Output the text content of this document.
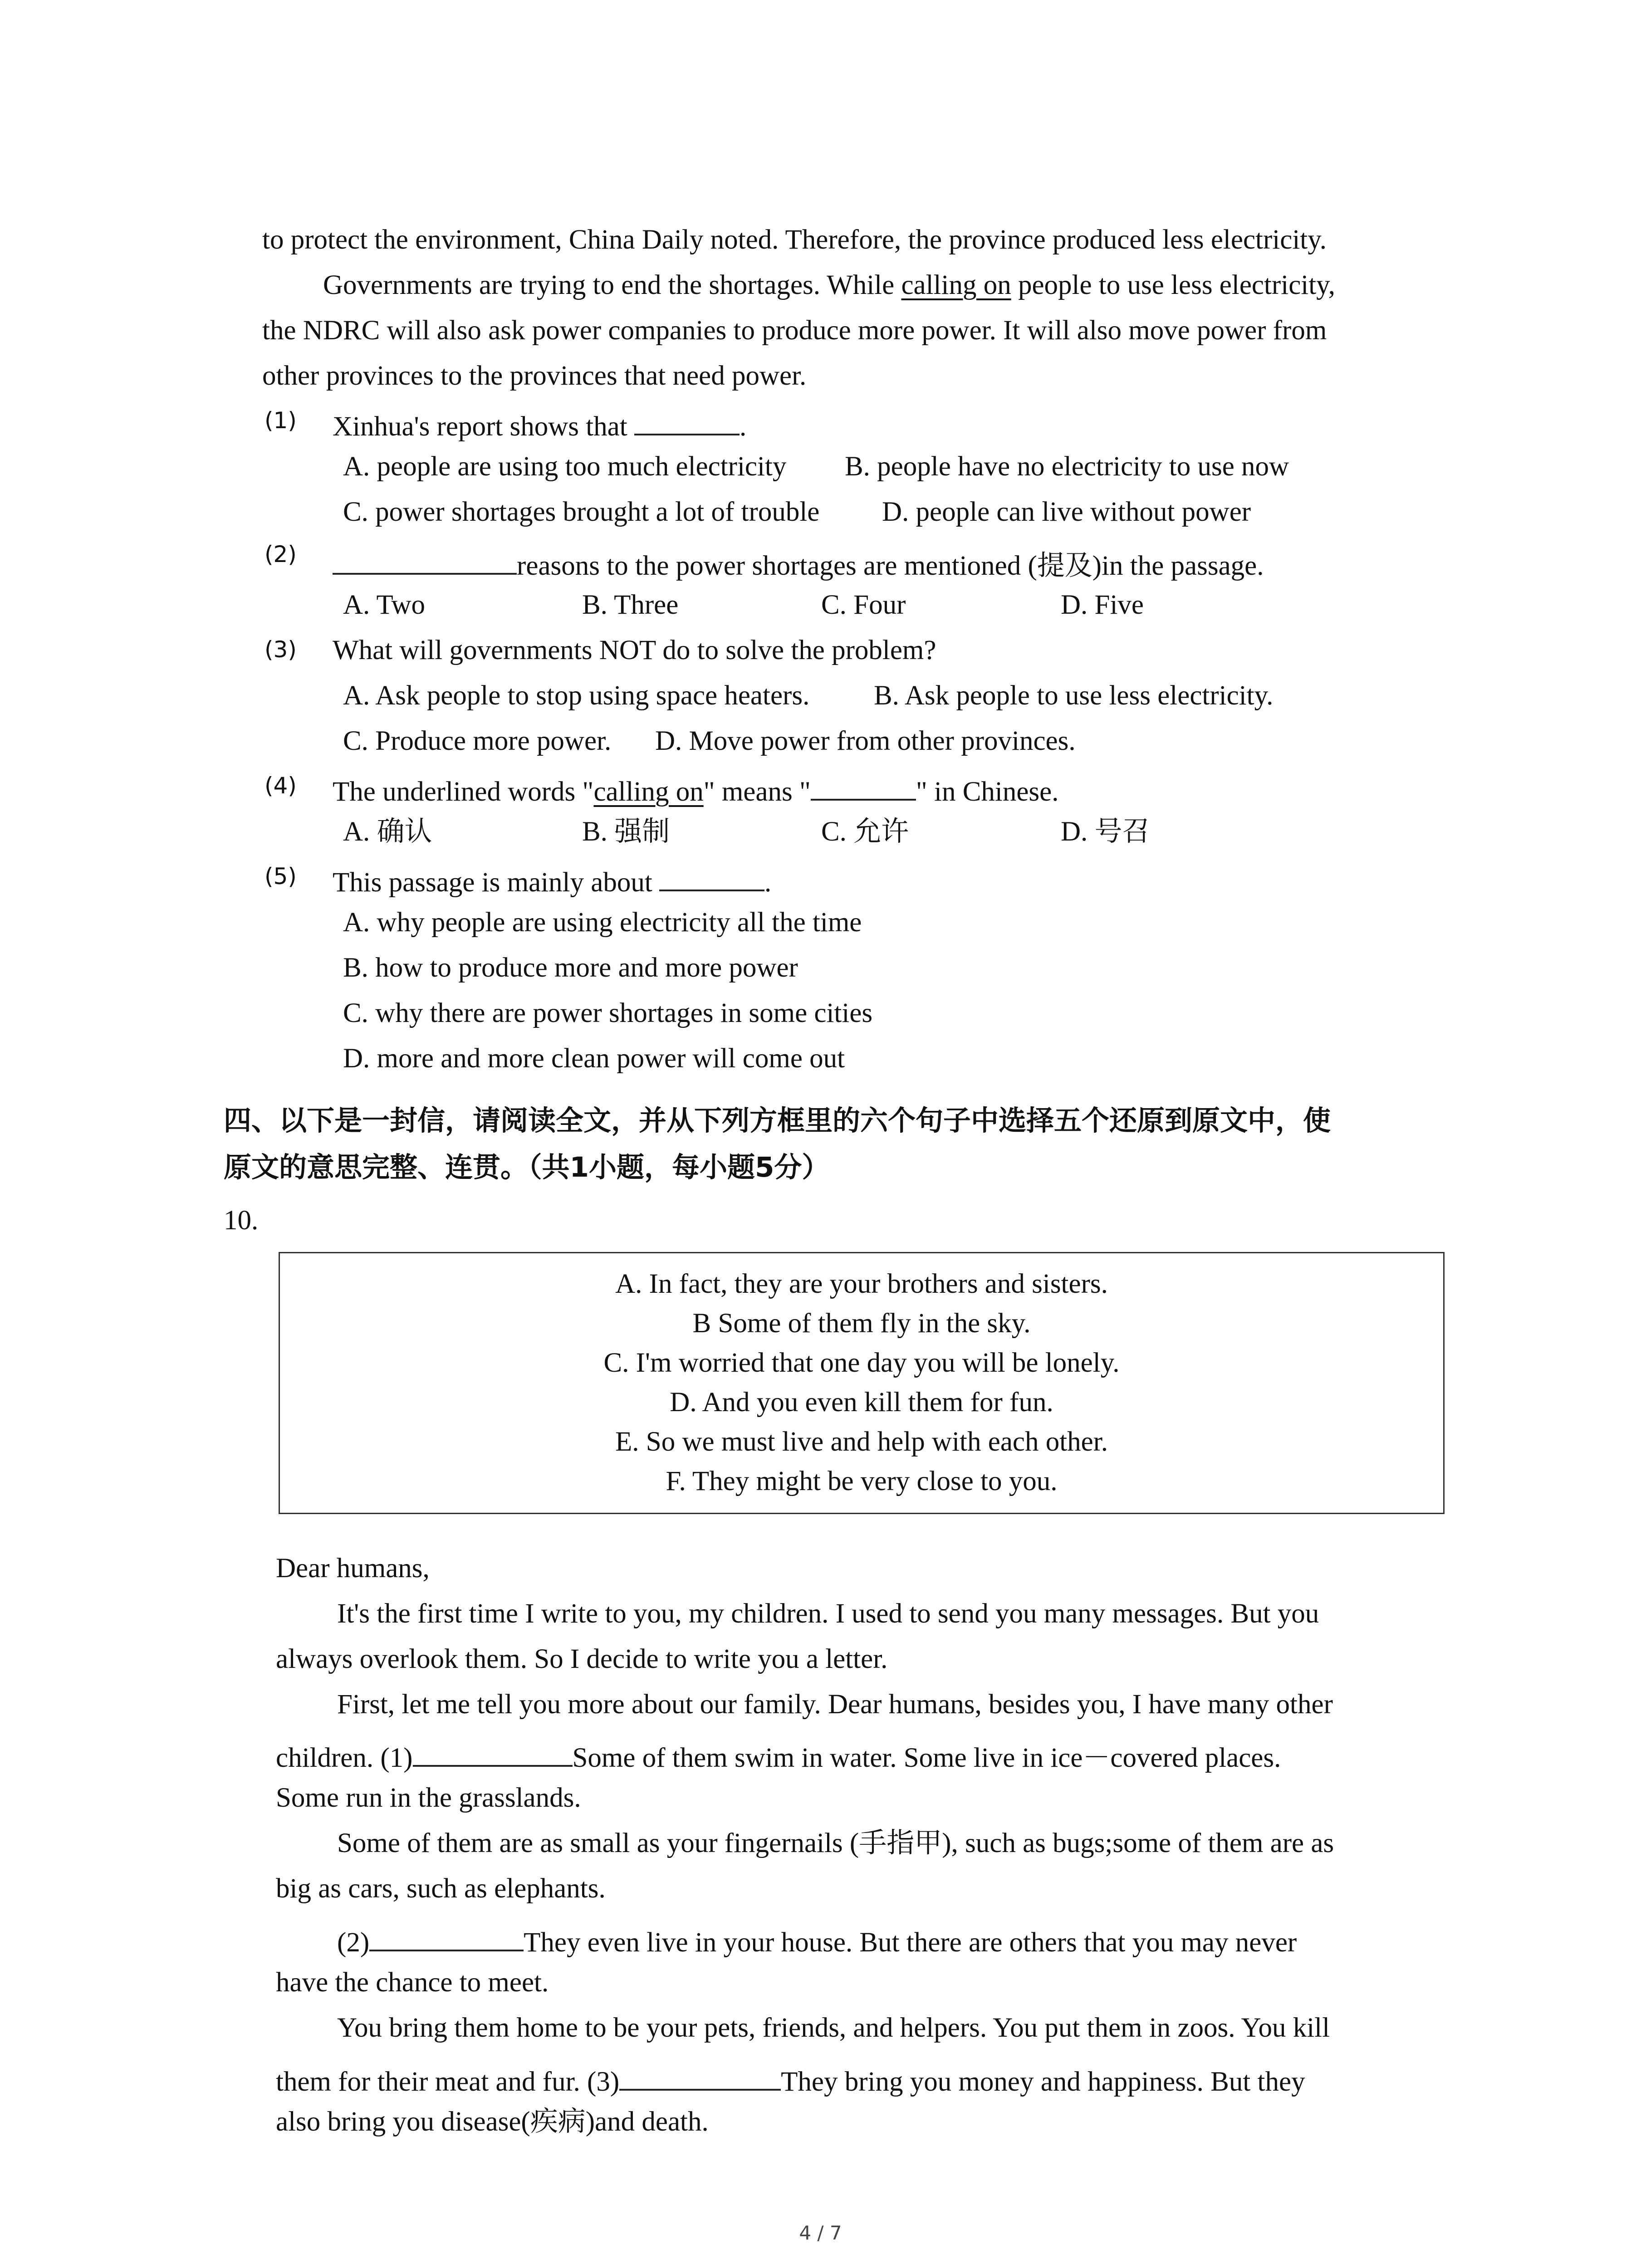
to protect the environment, China Daily noted. Therefore, the province produced less electricity.
Governments are trying to end the shortages. While calling on people to use less electricity,
the NDRC will also ask power companies to produce more power. It will also move power from
other provinces to the provinces that need power.
(1) Xinhua's report shows that	.
A. people are using too much electricity B. people have no electricity to use now
C. power shortages brought a lot of trouble D. people can live without power
(2)	reasons to the power shortages are mentioned (提及)in the passage.
A. Two	B. Three	C. Four	D. Five
(3) What will governments NOT do to solve the problem?
A. Ask people to stop using space heaters. B. Ask people to use less electricity.
C. Produce more power. D. Move power from other provinces.
(4) The underlined words "calling on" means "	" in Chinese.
A. 确认	B. 强制	C. 允许	D. 号召
(5) This passage is mainly about	.
A. why people are using electricity all the time
B. how to produce more and more power
C. why there are power shortages in some cities
D. more and more clean power will come out
四、以下是一封信，请阅读全文，并从下列方框里的六个句子中选择五个还原到原文中，使
原文的意思完整、连贯。（共1小题，每小题5分）
10.
A. In fact, they are your brothers and sisters.
B Some of them fly in the sky.
C. I'm worried that one day you will be lonely.
D. And you even kill them for fun.
E. So we must live and help with each other.
F. They might be very close to you.
Dear humans,
It's the first time I write to you, my children. I used to send you many messages. But you
always overlook them. So I decide to write you a letter.
First, let me tell you more about our family. Dear humans, besides you, I have many other
children. (1)	Some of them swim in water. Some live in ice－covered places.
Some run in the grasslands.
Some of them are as small as your fingernails (手指甲), such as bugs;some of them are as
big as cars, such as elephants.
(2)	They even live in your house. But there are others that you may never
have the chance to meet.
You bring them home to be your pets, friends, and helpers. You put them in zoos. You kill
them for their meat and fur. (3)	They bring you money and happiness. But they
also bring you disease(疾病)and death.
4 / 7
